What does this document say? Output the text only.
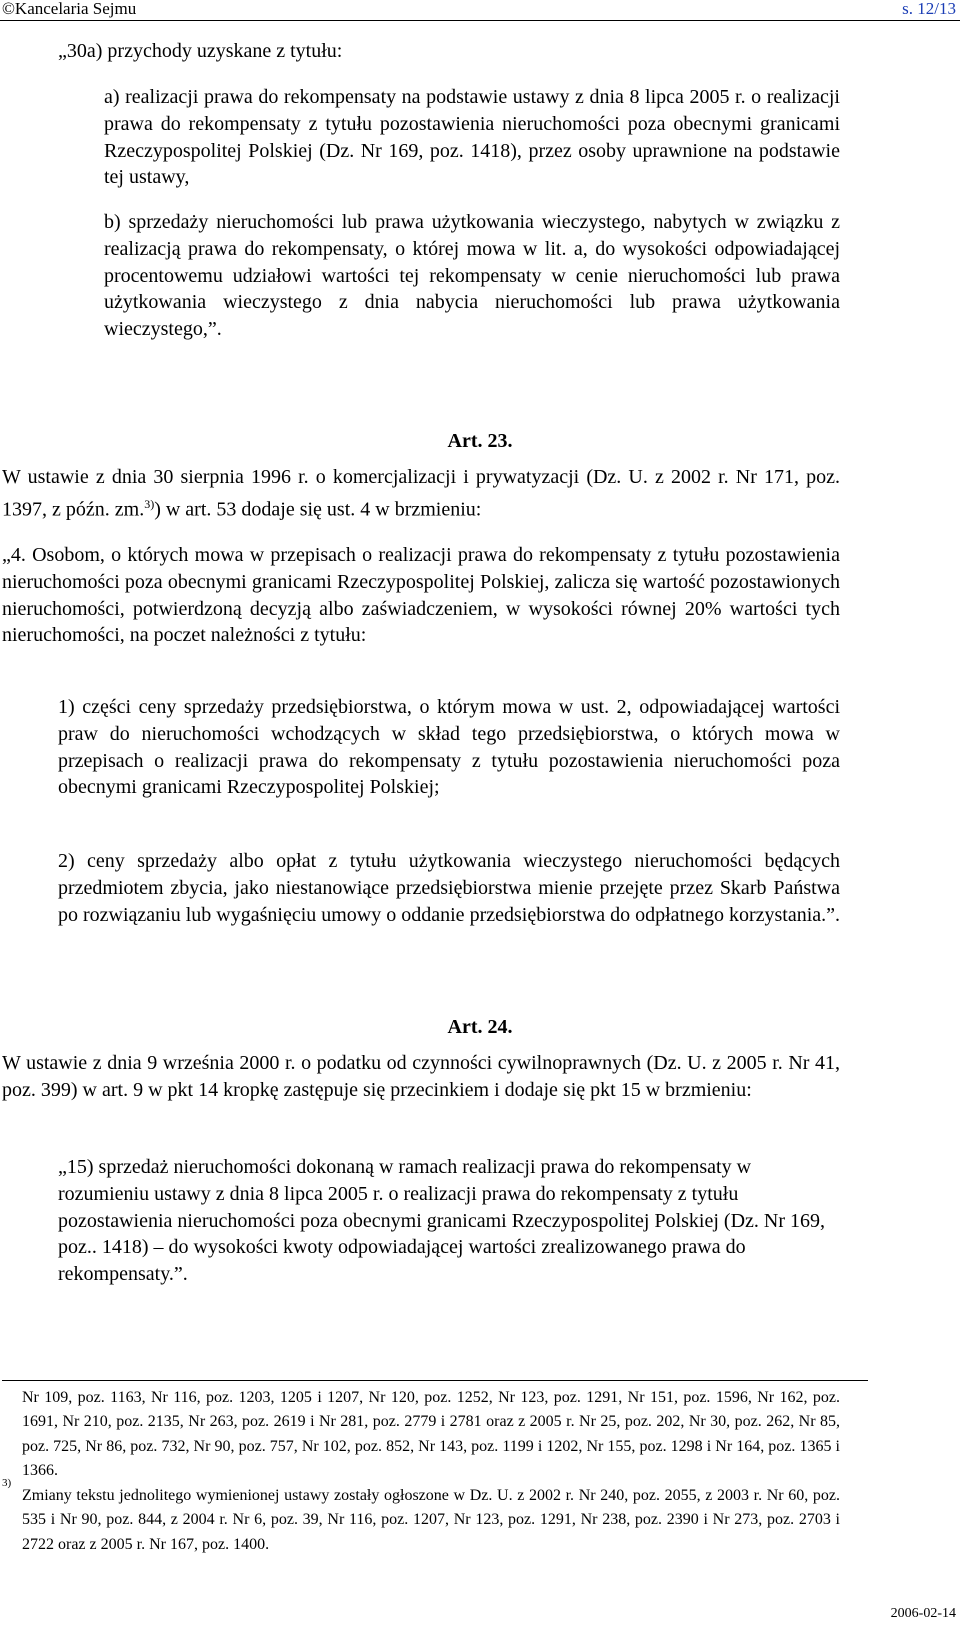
©Kancelaria Sejmu	s. 12/13

„30a) przychody uzyskane z tytułu:

a) realizacji prawa do rekompensaty na podstawie ustawy z dnia 8 lipca 2005 r. o realizacji prawa do rekompensaty z tytułu pozostawienia nieruchomości poza obecnymi granicami Rzeczypospolitej Polskiej (Dz. Nr 169, poz. 1418), przez osoby uprawnione na podstawie tej ustawy,

b) sprzedaży nieruchomości lub prawa użytkowania wieczystego, nabytych w związku z realizacją prawa do rekompensaty, o której mowa w lit. a, do wysokości odpowiadającej procentowemu udziałowi wartości tej rekompensaty w cenie nieruchomości lub prawa użytkowania wieczystego z dnia nabycia nieruchomości lub prawa użytkowania wieczystego,”.

Art. 23.

W ustawie z dnia 30 sierpnia 1996 r. o komercjalizacji i prywatyzacji (Dz. U. z 2002 r. Nr 171, poz. 1397, z późn. zm.$^{3)}$) w art. 53 dodaje się ust. 4 w brzmieniu:

„4. Osobom, o których mowa w przepisach o realizacji prawa do rekompensaty z tytułu pozostawienia nieruchomości poza obecnymi granicami Rzeczypospolitej Polskiej, zalicza się wartość pozostawionych nieruchomości, potwierdzoną decyzją albo zaświadczeniem, w wysokości równej 20% wartości tych nieruchomości, na poczet należności z tytułu:

1) części ceny sprzedaży przedsiębiorstwa, o którym mowa w ust. 2, odpowiadającej wartości praw do nieruchomości wchodzących w skład tego przedsiębiorstwa, o których mowa w przepisach o realizacji prawa do rekompensaty z tytułu pozostawienia nieruchomości poza obecnymi granicami Rzeczypospolitej Polskiej;

2) ceny sprzedaży albo opłat z tytułu użytkowania wieczystego nieruchomości będących przedmiotem zbycia, jako niestanowiące przedsiębiorstwa mienie przejęte przez Skarb Państwa po rozwiązaniu lub wygaśnięciu umowy o oddanie przedsiębiorstwa do odpłatnego korzystania.”.

Art. 24.

W ustawie z dnia 9 września 2000 r. o podatku od czynności cywilnoprawnych (Dz. U. z 2005 r. Nr 41, poz. 399) w art. 9 w pkt 14 kropkę zastępuje się przecinkiem i dodaje się pkt 15 w brzmieniu:

„15) sprzedaż nieruchomości dokonaną w ramach realizacji prawa do rekompensaty w rozumieniu ustawy z dnia 8 lipca 2005 r. o realizacji prawa do rekompensaty z tytułu pozostawienia nieruchomości poza obecnymi granicami Rzeczypospolitej Polskiej (Dz. Nr 169, poz.. 1418) – do wysokości kwoty odpowiadającej wartości zrealizowanego prawa do rekompensaty.”.

Nr 109, poz. 1163, Nr 116, poz. 1203, 1205 i 1207, Nr 120, poz. 1252, Nr 123, poz. 1291, Nr 151, poz. 1596, Nr 162, poz. 1691, Nr 210, poz. 2135, Nr 263, poz. 2619 i Nr 281, poz. 2779 i 2781 oraz z 2005 r. Nr 25, poz. 202, Nr 30, poz. 262, Nr 85, poz. 725, Nr 86, poz. 732, Nr 90, poz. 757, Nr 102, poz. 852, Nr 143, poz. 1199 i 1202, Nr 155, poz. 1298 i Nr 164, poz. 1365 i 1366.

3)

Zmiany tekstu jednolitego wymienionej ustawy zostały ogłoszone w Dz. U. z 2002 r. Nr 240, poz. 2055, z 2003 r. Nr 60, poz. 535 i Nr 90, poz. 844, z 2004 r. Nr 6, poz. 39, Nr 116, poz. 1207, Nr 123, poz. 1291, Nr 238, poz. 2390 i Nr 273, poz. 2703 i 2722 oraz z 2005 r. Nr 167, poz. 1400.

2006-02-14
